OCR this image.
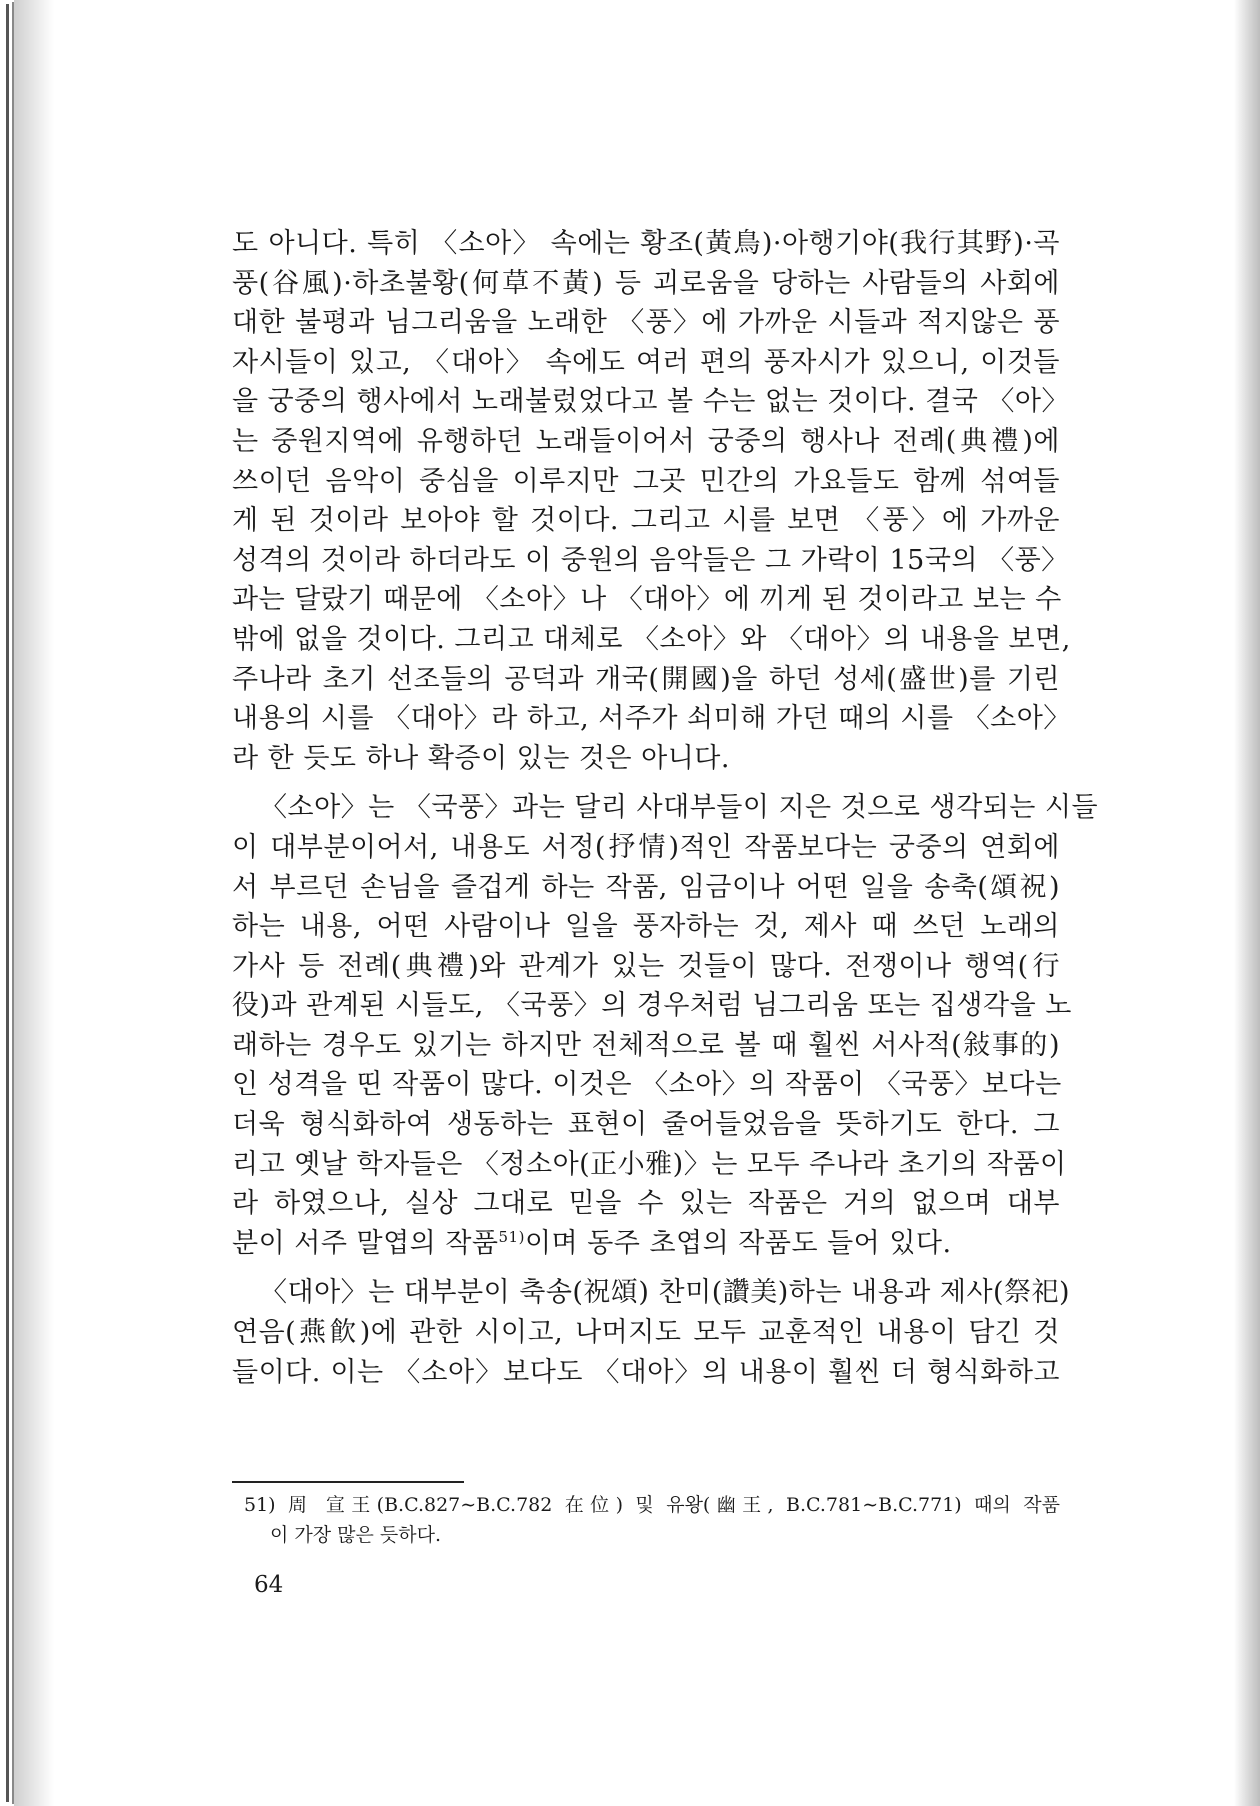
도 아니다. 특히 〈소아〉 속에는 황조(黃鳥)·아행기야(我行其野)·곡
풍(谷風)·하초불황(何草不黃) 등 괴로움을 당하는 사람들의 사회에
대한 불평과 님그리움을 노래한 〈풍〉에 가까운 시들과 적지않은 풍
자시들이 있고, 〈대아〉 속에도 여러 편의 풍자시가 있으니, 이것들
을 궁중의 행사에서 노래불렀었다고 볼 수는 없는 것이다. 결국 〈아〉
는 중원지역에 유행하던 노래들이어서 궁중의 행사나 전례(典禮)에
쓰이던 음악이 중심을 이루지만 그곳 민간의 가요들도 함께 섞여들
게 된 것이라 보아야 할 것이다. 그리고 시를 보면 〈풍〉에 가까운
성격의 것이라 하더라도 이 중원의 음악들은 그 가락이 15국의 〈풍〉
과는 달랐기 때문에 〈소아〉나 〈대아〉에 끼게 된 것이라고 보는 수
밖에 없을 것이다. 그리고 대체로 〈소아〉와 〈대아〉의 내용을 보면,
주나라 초기 선조들의 공덕과 개국(開國)을 하던 성세(盛世)를 기린
내용의 시를 〈대아〉라 하고, 서주가 쇠미해 가던 때의 시를 〈소아〉
라 한 듯도 하나 확증이 있는 것은 아니다.
〈소아〉는 〈국풍〉과는 달리 사대부들이 지은 것으로 생각되는 시들
이 대부분이어서, 내용도 서정(抒情)적인 작품보다는 궁중의 연회에
서 부르던 손님을 즐겁게 하는 작품, 임금이나 어떤 일을 송축(頌祝)
하는 내용, 어떤 사람이나 일을 풍자하는 것, 제사 때 쓰던 노래의
가사 등 전례(典禮)와 관계가 있는 것들이 많다. 전쟁이나 행역(行
役)과 관계된 시들도, 〈국풍〉의 경우처럼 님그리움 또는 집생각을 노
래하는 경우도 있기는 하지만 전체적으로 볼 때 훨씬 서사적(敍事的)
인 성격을 띤 작품이 많다. 이것은 〈소아〉의 작품이 〈국풍〉보다는
더욱 형식화하여 생동하는 표현이 줄어들었음을 뜻하기도 한다. 그
리고 옛날 학자들은 〈정소아(正小雅)〉는 모두 주나라 초기의 작품이
라 하였으나, 실상 그대로 믿을 수 있는 작품은 거의 없으며 대부
분이 서주 말엽의 작품$^{51)}$이며 동주 초엽의 작품도 들어 있다.
〈대아〉는 대부분이 축송(祝頌) 찬미(讚美)하는 내용과 제사(祭祀)
연음(燕飮)에 관한 시이고, 나머지도 모두 교훈적인 내용이 담긴 것
들이다. 이는 〈소아〉보다도 〈대아〉의 내용이 훨씬 더 형식화하고
51) 周 宣王(B.C.827∼B.C.782 在位) 및 유왕(幽王, B.C.781∼B.C.771) 때의 작품
이 가장 많은 듯하다.
64
